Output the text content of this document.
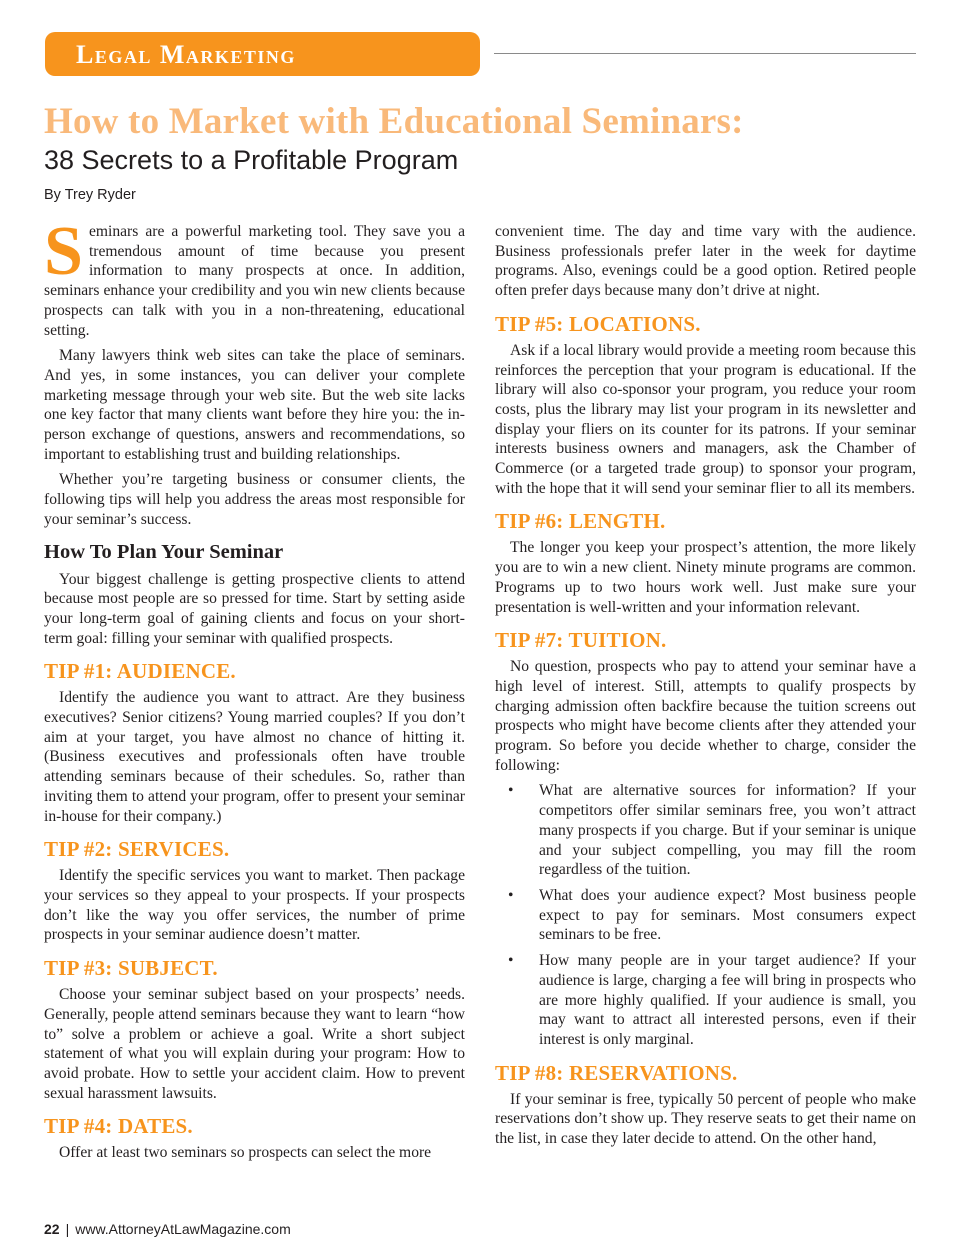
Legal Marketing
How to Market with Educational Seminars:
38 Secrets to a Profitable Program
By Trey Ryder

Seminars are a powerful marketing tool. They save you a tremendous amount of time because you present information to many prospects at once. In addition, seminars enhance your credibility and you win new clients because prospects can talk with you in a non-threatening, educational setting.

Many lawyers think web sites can take the place of seminars. And yes, in some instances, you can deliver your complete marketing message through your web site. But the web site lacks one key factor that many clients want before they hire you: the in-person exchange of questions, answers and recommendations, so important to establishing trust and building relationships.

Whether you’re targeting business or consumer clients, the following tips will help you address the areas most responsible for your seminar’s success.

How To Plan Your Seminar

Your biggest challenge is getting prospective clients to attend because most people are so pressed for time. Start by setting aside your long-term goal of gaining clients and focus on your short-term goal: filling your seminar with qualified prospects.

TIP #1: AUDIENCE.

Identify the audience you want to attract. Are they business executives? Senior citizens? Young married couples? If you don’t aim at your target, you have almost no chance of hitting it. (Business executives and professionals often have trouble attending seminars because of their schedules. So, rather than inviting them to attend your program, offer to present your seminar in-house for their company.)

TIP #2: SERVICES.

Identify the specific services you want to market. Then package your services so they appeal to your prospects. If your prospects don’t like the way you offer services, the number of prime prospects in your seminar audience doesn’t matter.

TIP #3: SUBJECT.

Choose your seminar subject based on your prospects’ needs. Generally, people attend seminars because they want to learn “how to” solve a problem or achieve a goal. Write a short subject statement of what you will explain during your program: How to avoid probate. How to settle your accident claim. How to prevent sexual harassment lawsuits.

TIP #4: DATES.

Offer at least two seminars so prospects can select the more

convenient time. The day and time vary with the audience. Business professionals prefer later in the week for daytime programs. Also, evenings could be a good option. Retired people often prefer days because many don’t drive at night.

TIP #5: LOCATIONS.

Ask if a local library would provide a meeting room because this reinforces the perception that your program is educational. If the library will also co-sponsor your program, you reduce your room costs, plus the library may list your program in its newsletter and display your fliers on its counter for its patrons. If your seminar interests business owners and managers, ask the Chamber of Commerce (or a targeted trade group) to sponsor your program, with the hope that it will send your seminar flier to all its members.

TIP #6: LENGTH.

The longer you keep your prospect’s attention, the more likely you are to win a new client. Ninety minute programs are common. Programs up to two hours work well. Just make sure your presentation is well-written and your information relevant.

TIP #7: TUITION.

No question, prospects who pay to attend your seminar have a high level of interest. Still, attempts to qualify prospects by charging admission often backfire because the tuition screens out prospects who might have become clients after they attended your program. So before you decide whether to charge, consider the following:

• What are alternative sources for information? If your competitors offer similar seminars free, you won’t attract many prospects if you charge. But if your seminar is unique and your subject compelling, you may fill the room regardless of the tuition.
• What does your audience expect? Most business people expect to pay for seminars. Most consumers expect seminars to be free.
• How many people are in your target audience? If your audience is large, charging a fee will bring in prospects who are more highly qualified. If your audience is small, you may want to attract all interested persons, even if their interest is only marginal.
TIP #8: RESERVATIONS.

If your seminar is free, typically 50 percent of people who make reservations don’t show up. They reserve seats to get their name on the list, in case they later decide to attend. On the other hand,

22 | www.AttorneyAtLawMagazine.com
